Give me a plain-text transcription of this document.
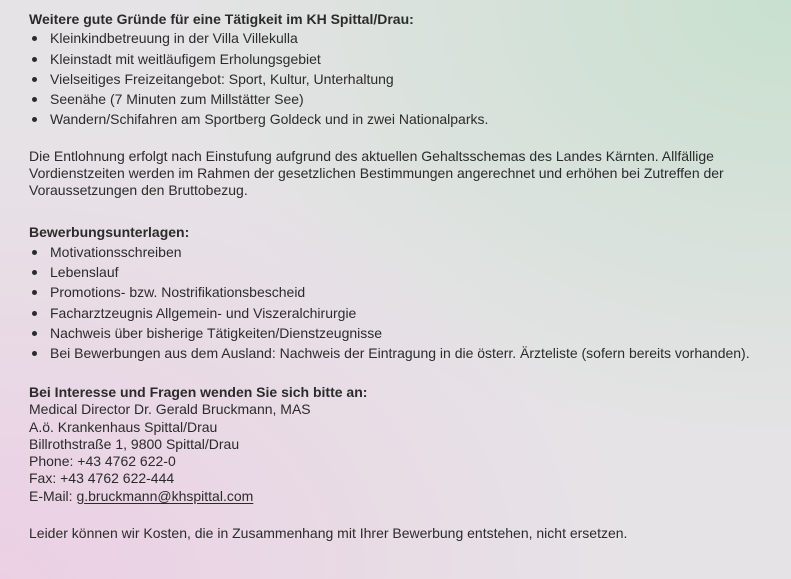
Weitere gute Gründe für eine Tätigkeit im KH Spittal/Drau:
Kleinkindbetreuung in der Villa Villekulla
Kleinstadt mit weitläufigem Erholungsgebiet
Vielseitiges Freizeitangebot: Sport, Kultur, Unterhaltung
Seenähe (7 Minuten zum Millstätter See)
Wandern/Schifahren am Sportberg Goldeck und in zwei Nationalparks.

Die Entlohnung erfolgt nach Einstufung aufgrund des aktuellen Gehaltsschemas des Landes Kärnten. Allfällige Vordienstzeiten werden im Rahmen der gesetzlichen Bestimmungen angerechnet und erhöhen bei Zutreffen der Voraussetzungen den Bruttobezug.

Bewerbungsunterlagen:
Motivationsschreiben
Lebenslauf
Promotions- bzw. Nostrifikationsbescheid
Facharztzeugnis Allgemein- und Viszeralchirurgie
Nachweis über bisherige Tätigkeiten/Dienstzeugnisse
Bei Bewerbungen aus dem Ausland: Nachweis der Eintragung in die österr. Ärzteliste (sofern bereits vorhanden).
Bei Interesse und Fragen wenden Sie sich bitte an:
Medical Director Dr. Gerald Bruckmann, MAS
A.ö. Krankenhaus Spittal/Drau
Billrothstraße 1, 9800 Spittal/Drau
Phone: +43 4762 622-0
Fax: +43 4762 622-444
E-Mail: g.bruckmann@khspittal.com
Leider können wir Kosten, die in Zusammenhang mit Ihrer Bewerbung entstehen, nicht ersetzen.
